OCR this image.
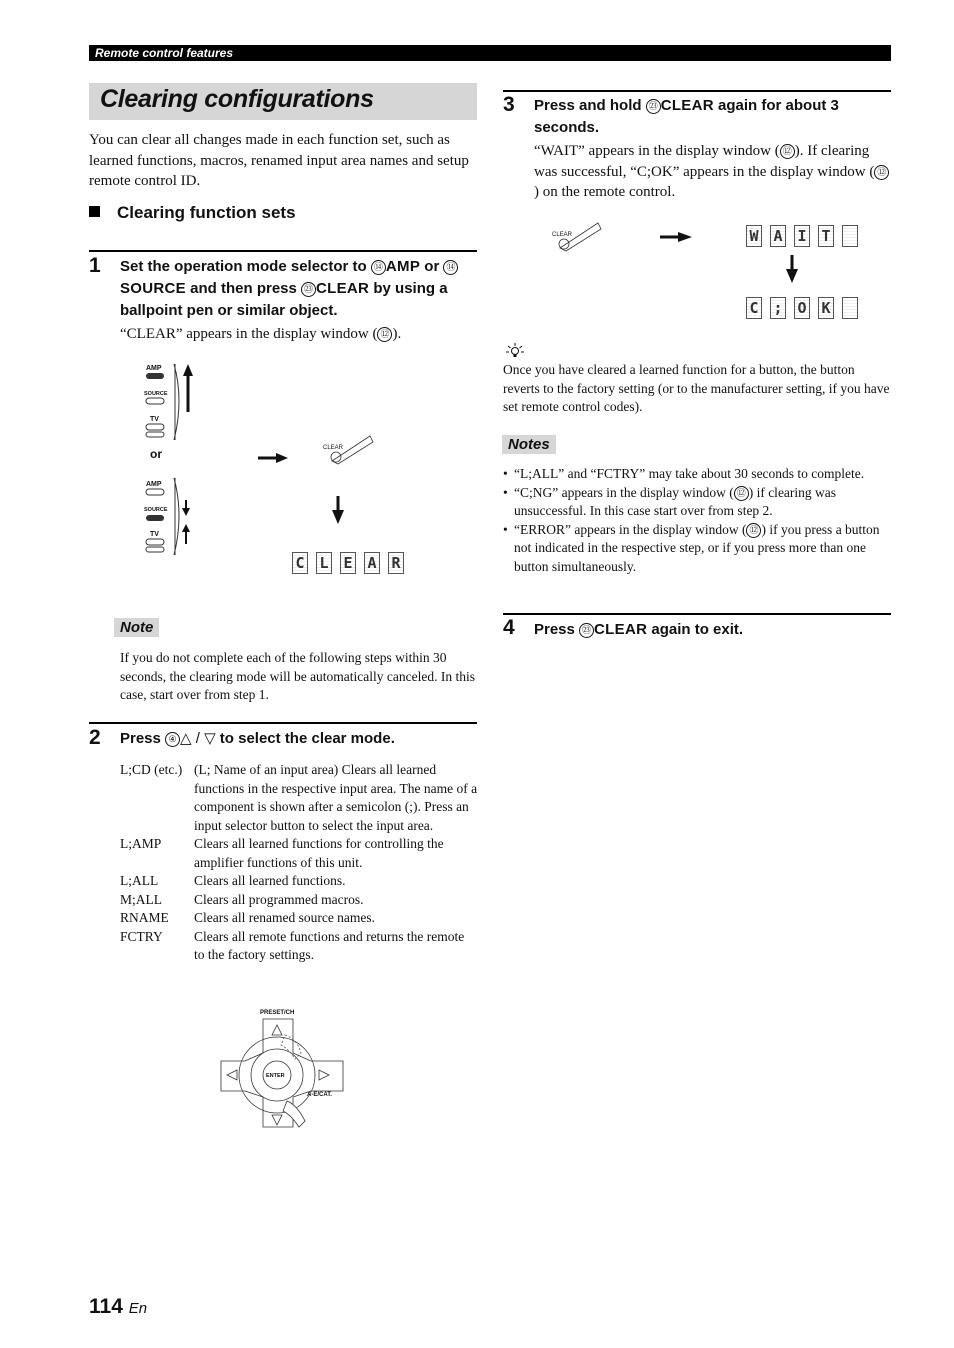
Remote control features
Clearing configurations
You can clear all changes made in each function set, such as learned functions, macros, renamed input area names and setup remote control ID.
Clearing function sets
1 Set the operation mode selector to ⑭ AMP or ⑭SOURCE and then press ㉓ CLEAR by using a ballpoint pen or similar object.
“CLEAR” appears in the display window ( ⑫ ).
AMP
SOURCE
TV
or
AMP
SOURCE
TV
CLEAR
C L E A R
Note
If you do not complete each of the following steps within 30 seconds, the clearing mode will be automatically canceled. In this case, start over from step 1.
2 Press ④ △ / ▽ to select the clear mode.
L;CD (etc.)	(L; Name of an input area) Clears all learned functions in the respective input area. The name of a component is shown after a semicolon (;). Press an input selector button to select the input area.
L;AMP	Clears all learned functions for controlling the amplifier functions of this unit.
L;ALL	Clears all learned functions.
M;ALL	Clears all programmed macros.
RNAME	Clears all renamed source names.
FCTRY	Clears all remote functions and returns the remote to the factory settings.
PRESET/CH
ENTER
A-E/CAT.
3 Press and hold ㉓ CLEAR again for about 3 seconds.
“WAIT” appears in the display window ( ⑫ ). If clearing was successful, “C;OK” appears in the display window ( ⑫) on the remote control.
CLEAR	W A I T
C ; O K
Once you have cleared a learned function for a button, the button reverts to the factory setting (or to the manufacturer setting, if you have set remote control codes).
Notes
• “L;ALL” and “FCTRY” may take about 30 seconds to complete.
• “C;NG” appears in the display window ( ⑫ ) if clearing was unsuccessful. In this case start over from step 2.
• “ERROR” appears in the display window ( ⑫ ) if you press a button not indicated in the respective step, or if you press more than one button simultaneously.
4 Press ㉓ CLEAR again to exit.
114 En
